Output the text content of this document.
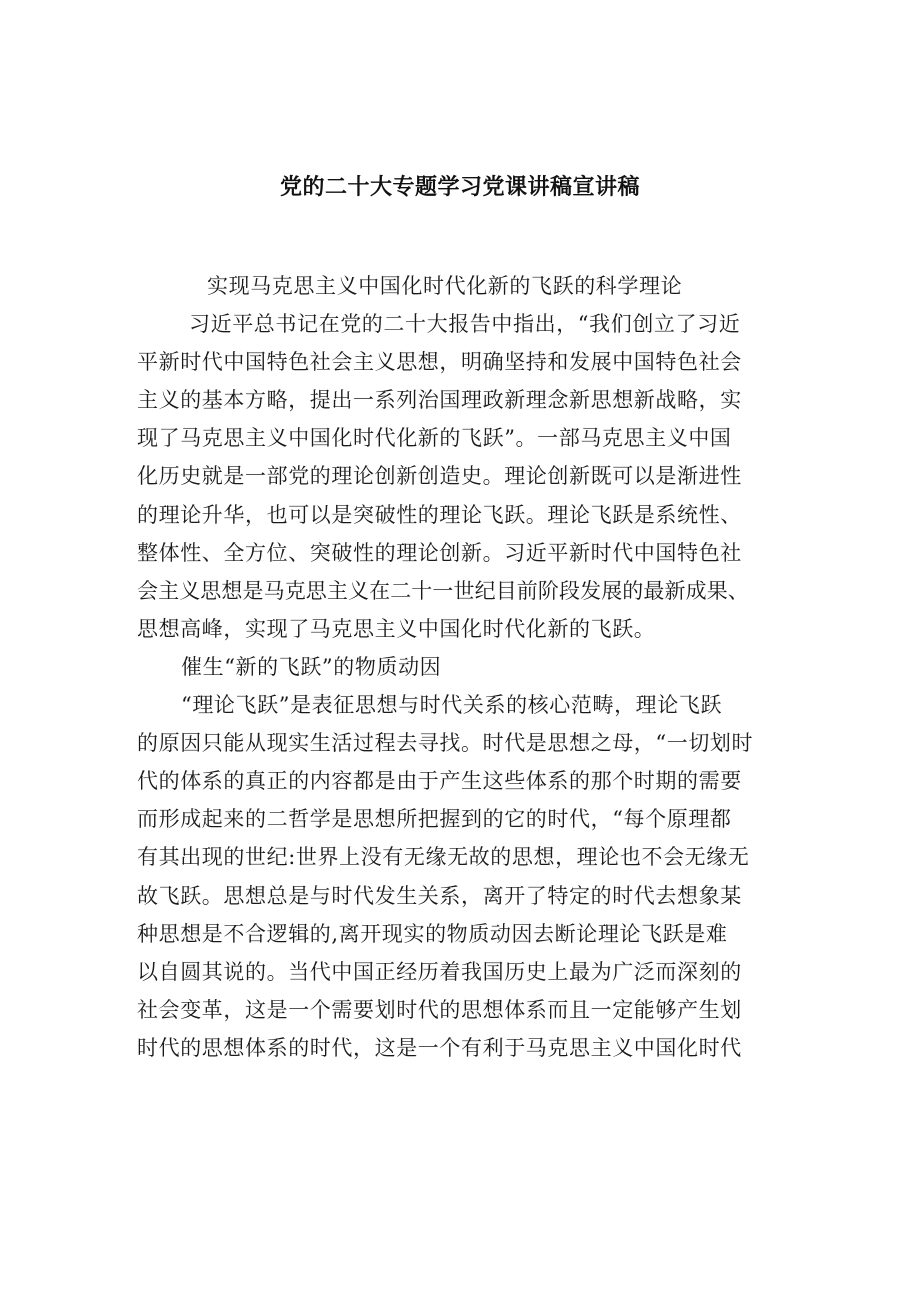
党的二十大专题学习党课讲稿宣讲稿
实现马克思主义中国化时代化新的飞跃的科学理论
习近平总书记在党的二十大报告中指出，“我们创立了习近
平新时代中国特色社会主义思想，明确坚持和发展中国特色社会
主义的基本方略，提出一系列治国理政新理念新思想新战略，实
现了马克思主义中国化时代化新的飞跃”。一部马克思主义中国
化历史就是一部党的理论创新创造史。理论创新既可以是渐进性
的理论升华，也可以是突破性的理论飞跃。理论飞跃是系统性、
整体性、全方位、突破性的理论创新。习近平新时代中国特色社
会主义思想是马克思主义在二十一世纪目前阶段发展的最新成果、
思想高峰，实现了马克思主义中国化时代化新的飞跃。
催生“新的飞跃”的物质动因
“理论飞跃”是表征思想与时代关系的核心范畴，理论飞跃
的原因只能从现实生活过程去寻找。时代是思想之母，“一切划时
代的体系的真正的内容都是由于产生这些体系的那个时期的需要
而形成起来的二哲学是思想所把握到的它的时代，“每个原理都
有其出现的世纪:世界上没有无缘无故的思想，理论也不会无缘无
故飞跃。思想总是与时代发生关系，离开了特定的时代去想象某
种思想是不合逻辑的,离开现实的物质动因去断论理论飞跃是难
以自圆其说的。当代中国正经历着我国历史上最为广泛而深刻的
社会变革，这是一个需要划时代的思想体系而且一定能够产生划
时代的思想体系的时代，这是一个有利于马克思主义中国化时代
